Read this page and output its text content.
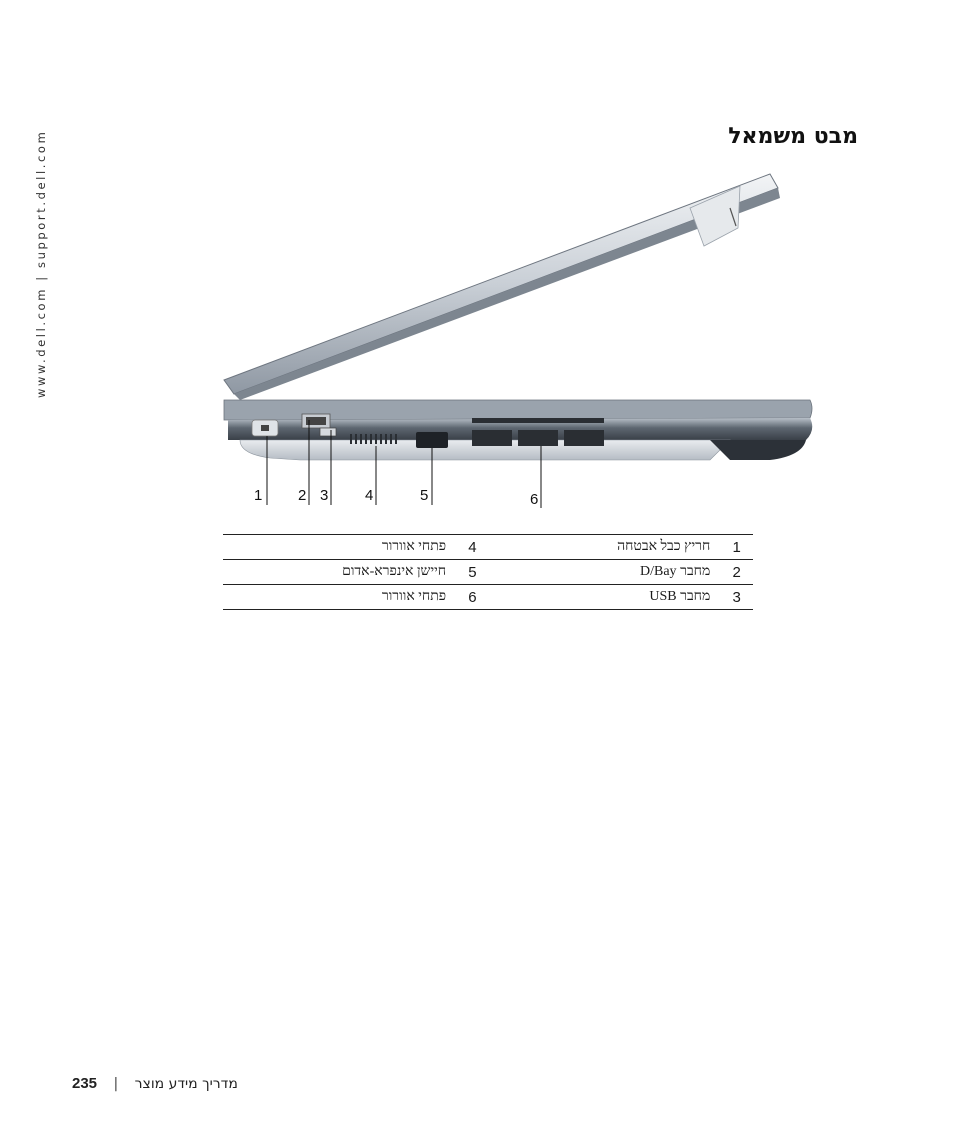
www.dell.com | support.dell.com	מבט משמאל
1 2 3 4	5	6
1	חריץ כבל אבטחה	4	פתחי אוורור
2	מחבר D/Bay	5	חיישן אינפרא-אדום
3	מחבר USB	6	פתחי אוורור
235 | מדריך מידע מוצר
